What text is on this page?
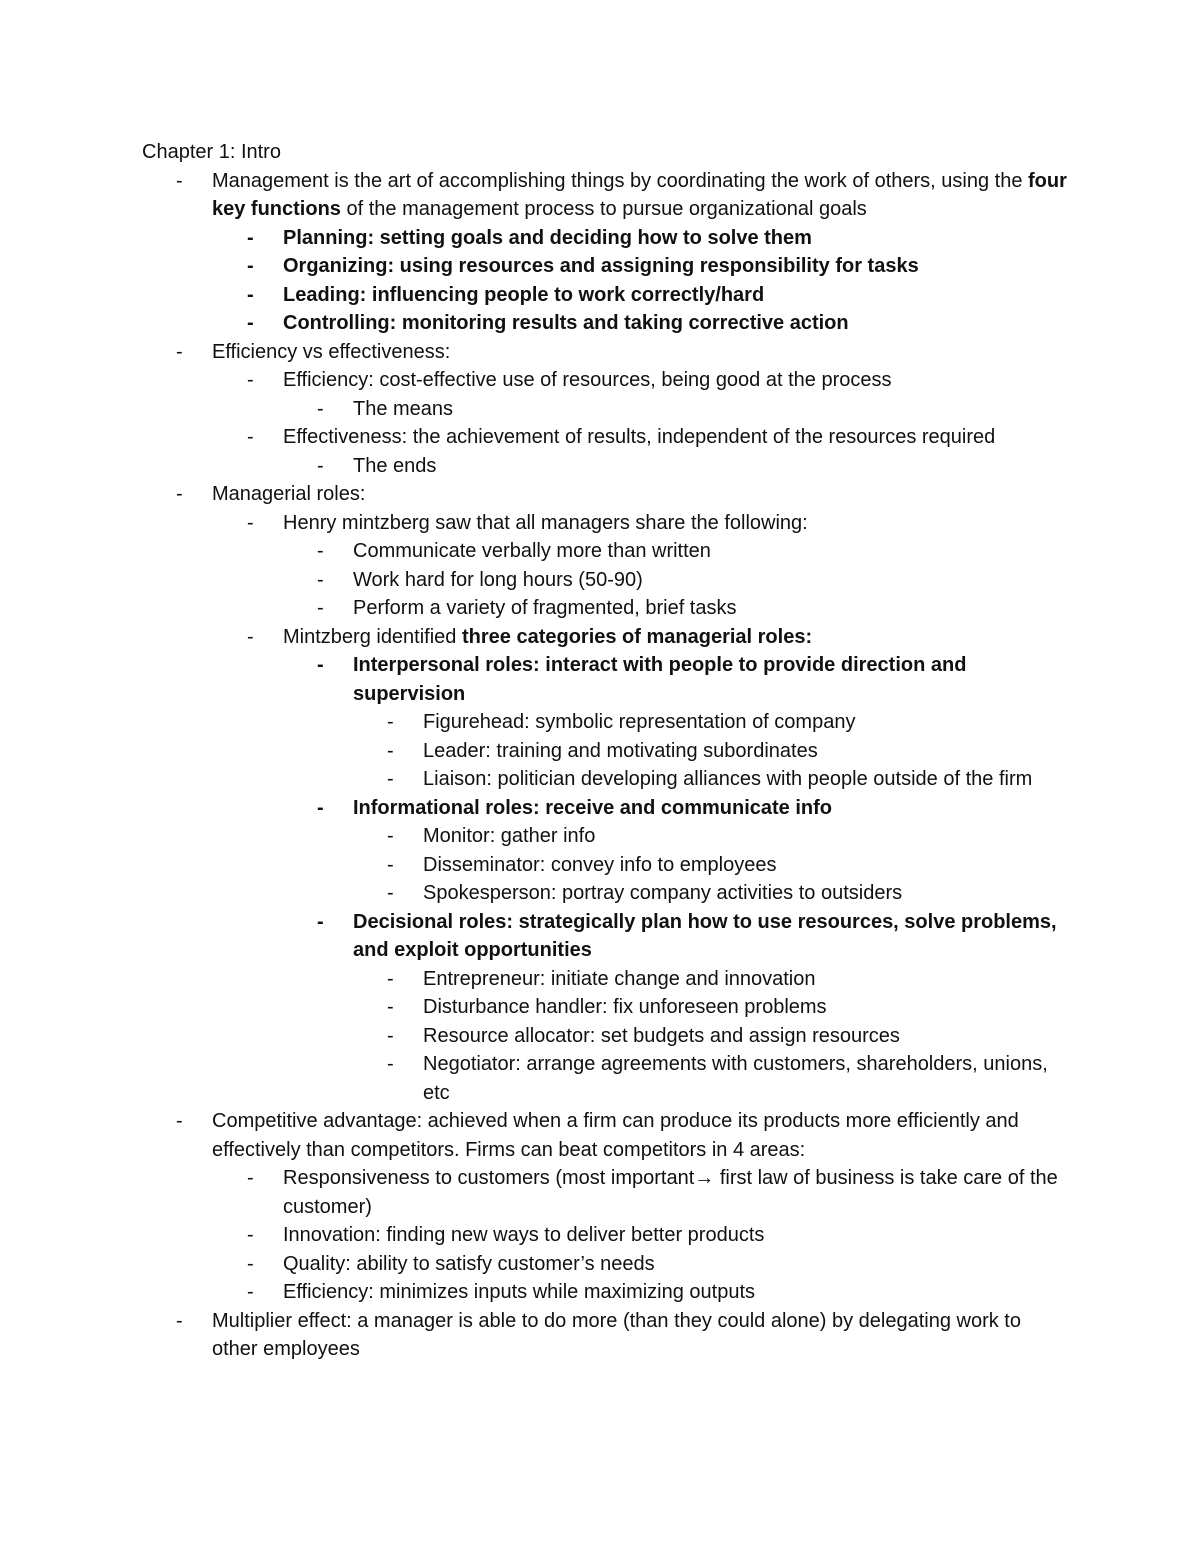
Chapter 1: Intro

- Management is the art of accomplishing things by coordinating the work of others, using the four key functions of the management process to pursue organizational goals
- Planning: setting goals and deciding how to solve them
- Organizing: using resources and assigning responsibility for tasks
- Leading: influencing people to work correctly/hard
- Controlling: monitoring results and taking corrective action
- Efficiency vs effectiveness:
- Efficiency: cost-effective use of resources, being good at the process
- The means
- Effectiveness: the achievement of results, independent of the resources required
- The ends
- Managerial roles:
- Henry mintzberg saw that all managers share the following:
- Communicate verbally more than written
- Work hard for long hours (50-90)
- Perform a variety of fragmented, brief tasks
- Mintzberg identified three categories of managerial roles:
- Interpersonal roles: interact with people to provide direction and supervision
- Figurehead: symbolic representation of company
- Leader: training and motivating subordinates
- Liaison: politician developing alliances with people outside of the firm
- Informational roles: receive and communicate info
- Monitor: gather info
- Disseminator: convey info to employees
- Spokesperson: portray company activities to outsiders
- Decisional roles: strategically plan how to use resources, solve problems, and exploit opportunities
- Entrepreneur: initiate change and innovation
- Disturbance handler: fix unforeseen problems
- Resource allocator: set budgets and assign resources
- Negotiator: arrange agreements with customers, shareholders, unions, etc
- Competitive advantage: achieved when a firm can produce its products more efficiently and effectively than competitors. Firms can beat competitors in 4 areas:
- Responsiveness to customers (most important→ first law of business is take care of the customer)
- Innovation: finding new ways to deliver better products
- Quality: ability to satisfy customer’s needs
- Efficiency: minimizes inputs while maximizing outputs
- Multiplier effect: a manager is able to do more (than they could alone) by delegating work to other employees
